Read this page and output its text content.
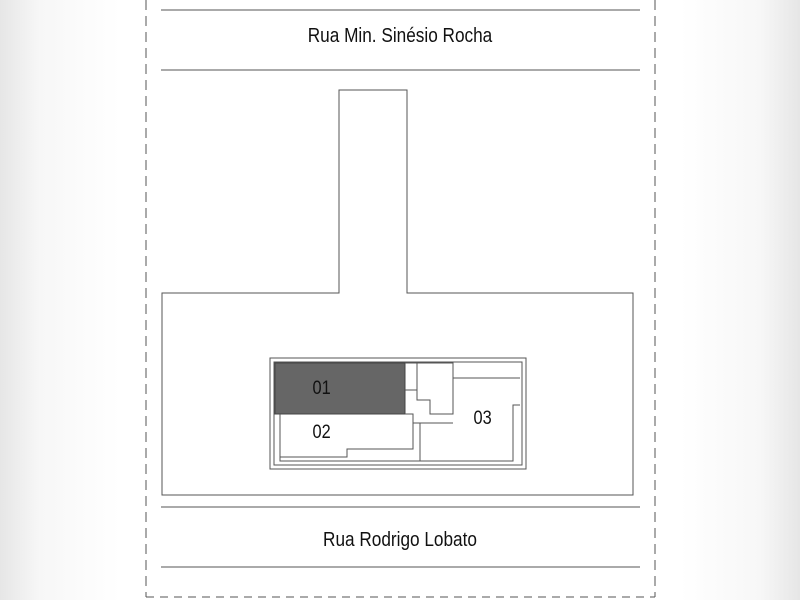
Rua Min. Sinésio Rocha
Rua Rodrigo Lobato
01
02
03
